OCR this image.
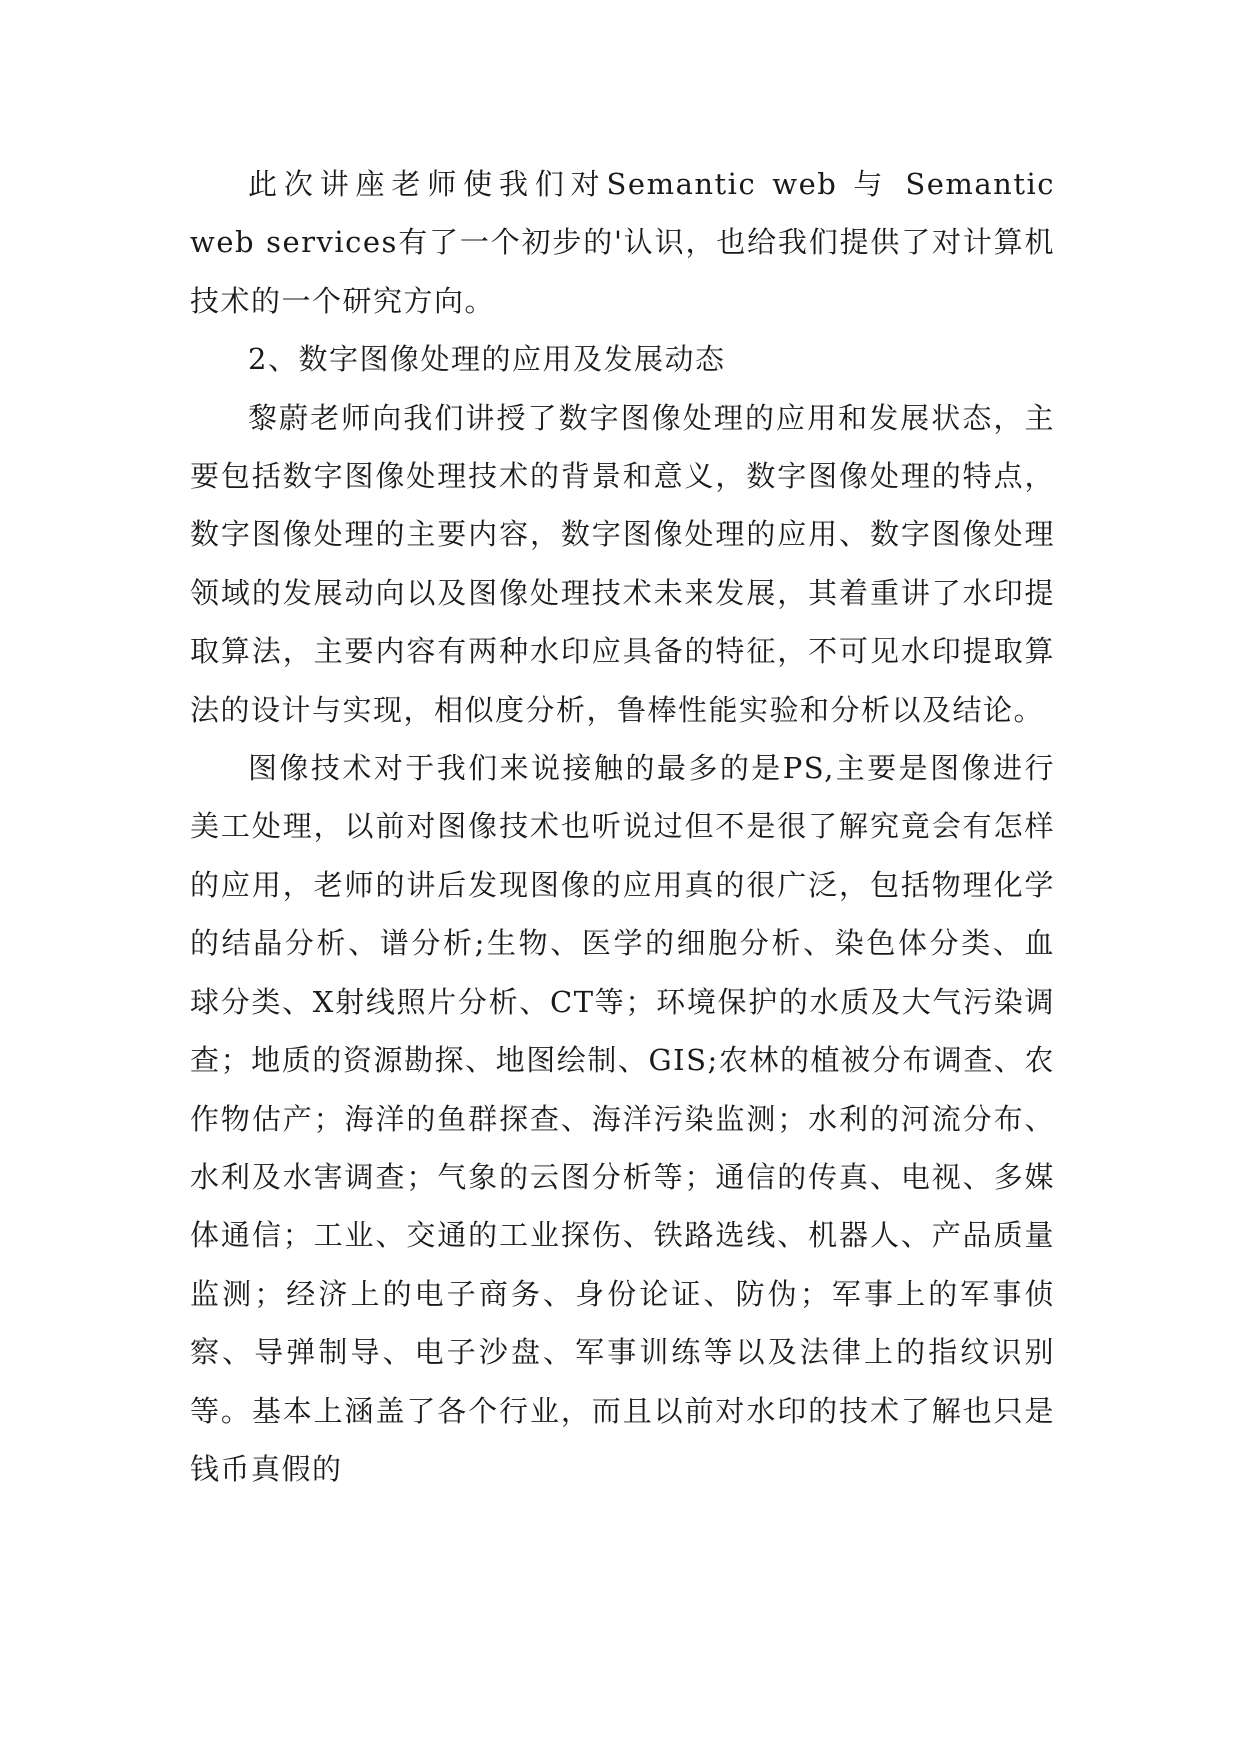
此次讲座老师使我们对Semantic web 与 Semantic web services有了一个初步的'认识，也给我们提供了对计算机技术的一个研究方向。

2、数字图像处理的应用及发展动态

黎蔚老师向我们讲授了数字图像处理的应用和发展状态，主要包括数字图像处理技术的背景和意义，数字图像处理的特点，数字图像处理的主要内容，数字图像处理的应用、数字图像处理领域的发展动向以及图像处理技术未来发展，其着重讲了水印提取算法，主要内容有两种水印应具备的特征，不可见水印提取算法的设计与实现，相似度分析，鲁棒性能实验和分析以及结论。

图像技术对于我们来说接触的最多的是PS,主要是图像进行美工处理，以前对图像技术也听说过但不是很了解究竟会有怎样的应用，老师的讲后发现图像的应用真的很广泛，包括物理化学的结晶分析、谱分析;生物、医学的细胞分析、染色体分类、血球分类、X射线照片分析、CT等；环境保护的水质及大气污染调查；地质的资源勘探、地图绘制、GIS;农林的植被分布调查、农作物估产；海洋的鱼群探查、海洋污染监测；水利的河流分布、水利及水害调查；气象的云图分析等；通信的传真、电视、多媒体通信；工业、交通的工业探伤、铁路选线、机器人、产品质量监测；经济上的电子商务、身份论证、防伪；军事上的军事侦察、导弹制导、电子沙盘、军事训练等以及法律上的指纹识别等。基本上涵盖了各个行业，而且以前对水印的技术了解也只是钱币真假的
